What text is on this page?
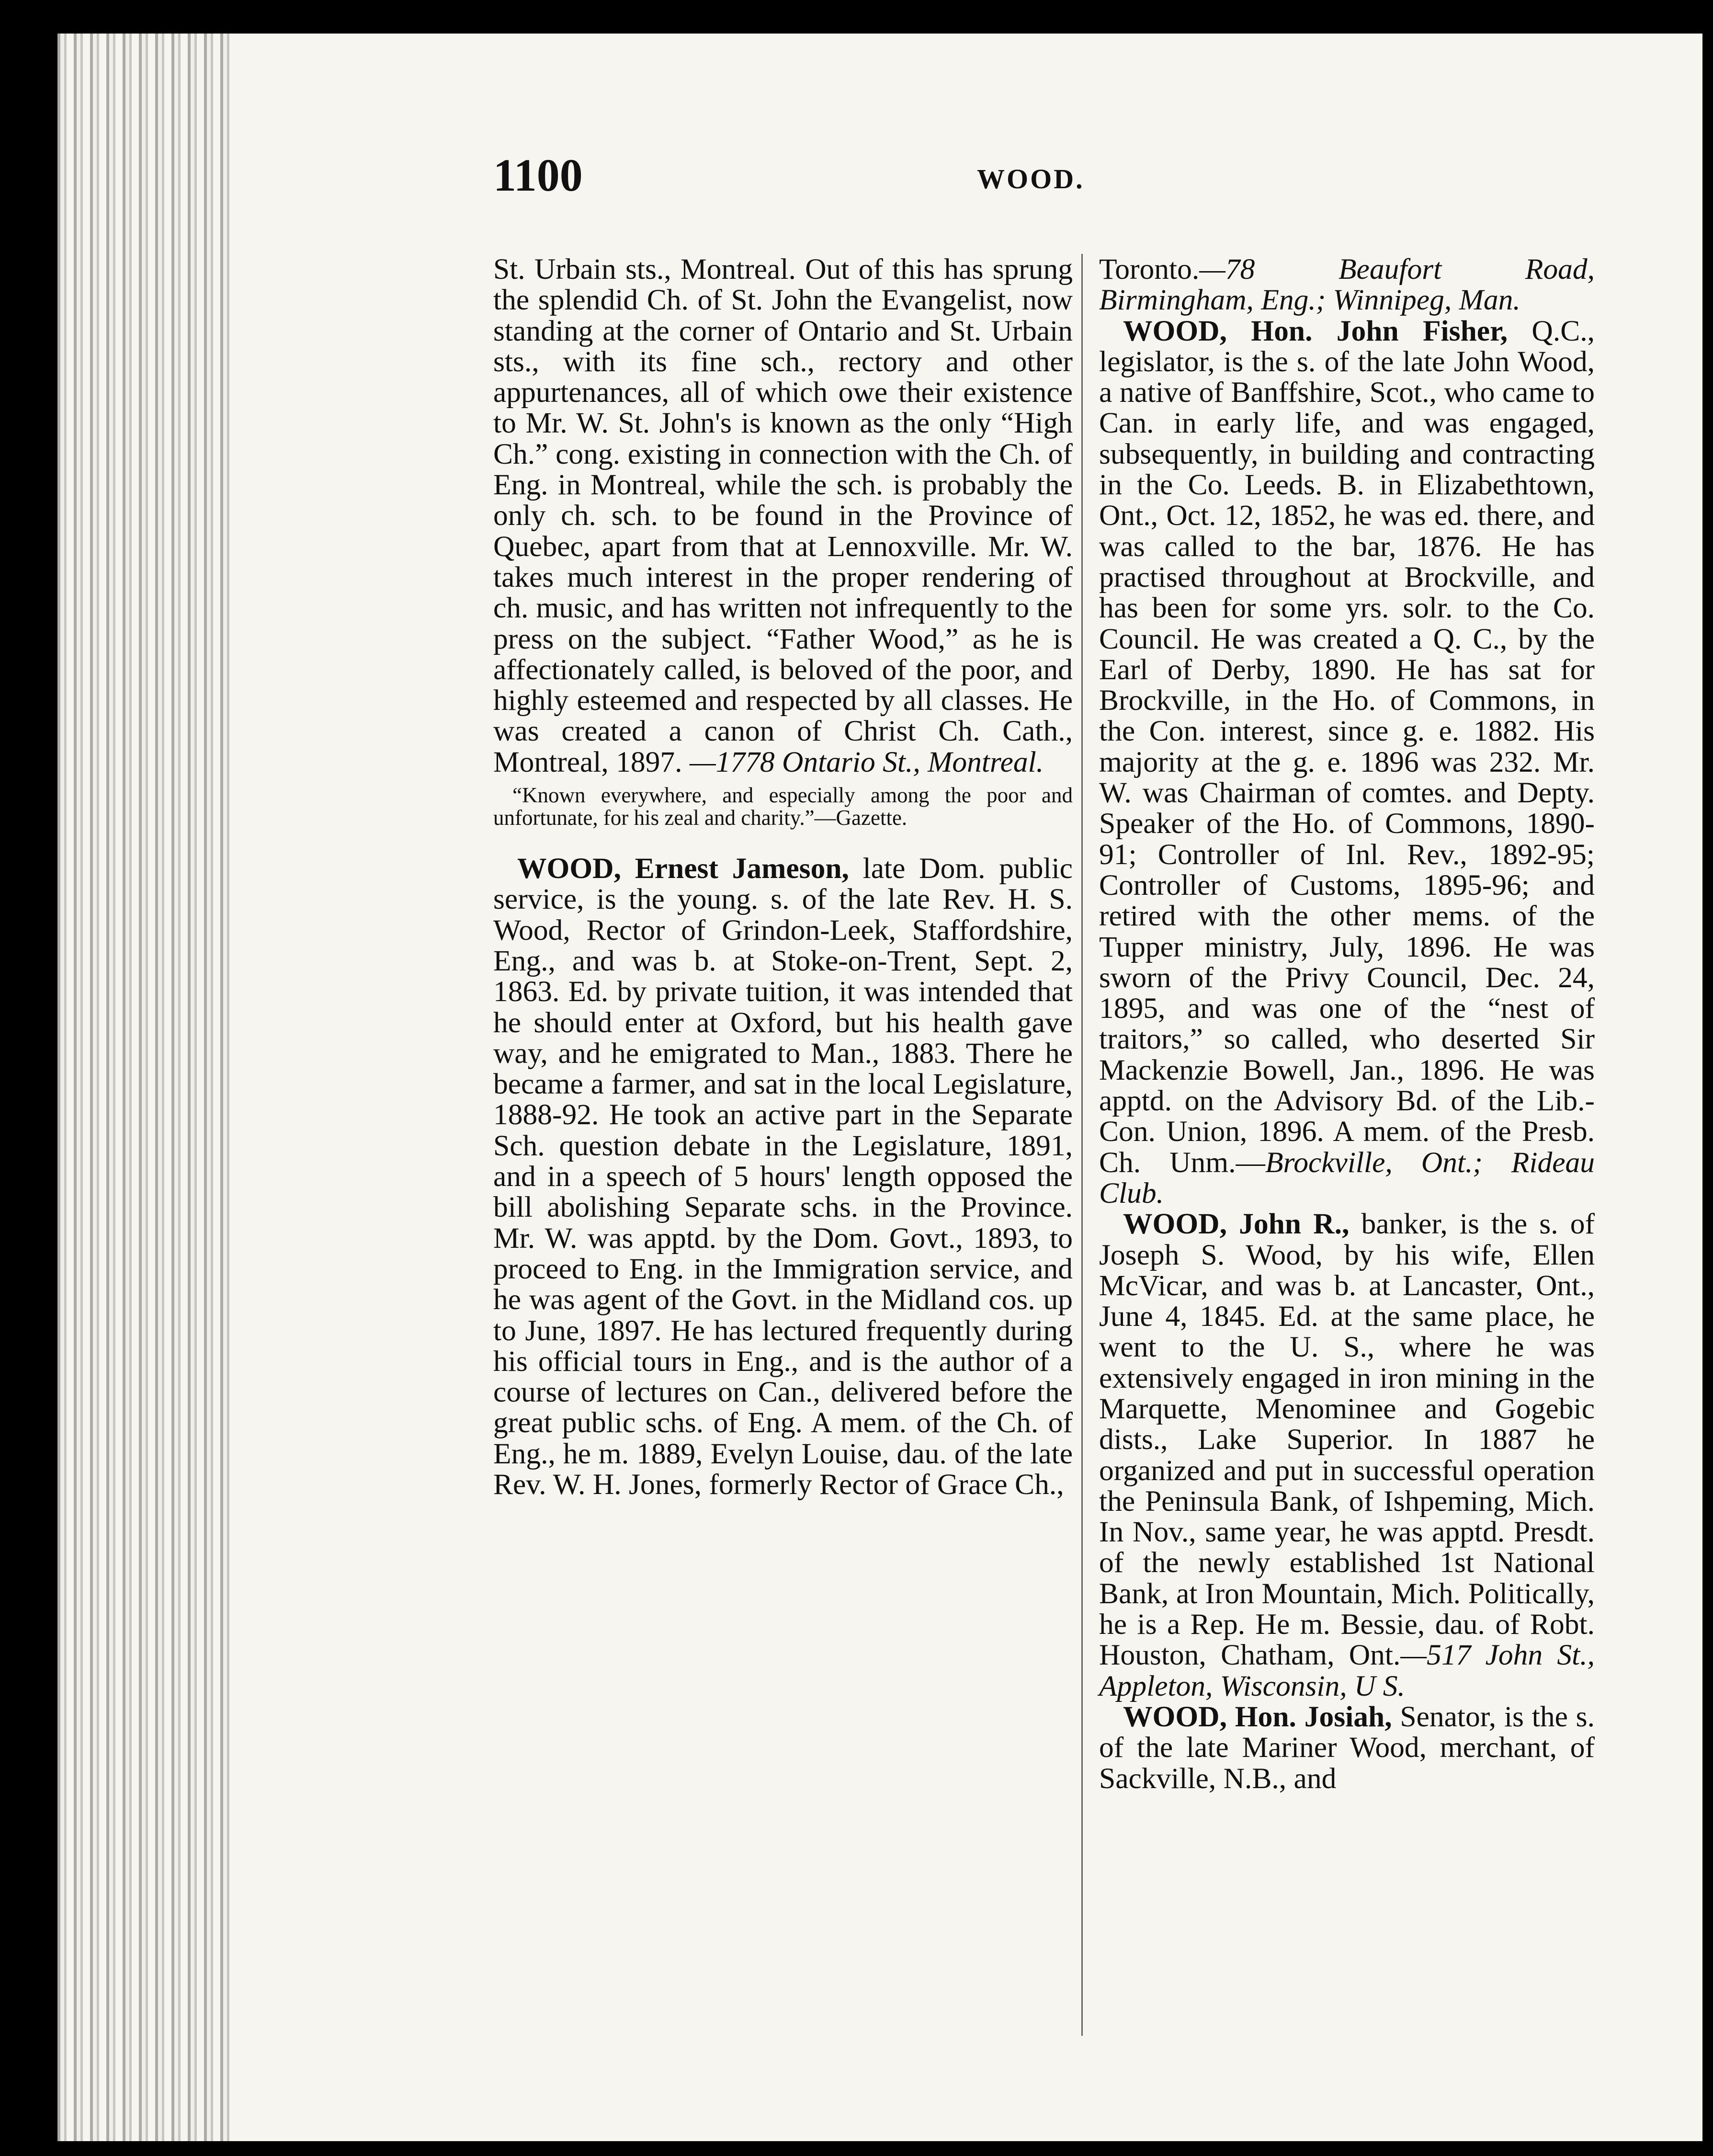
1100	WOOD.

St. Urbain sts., Montreal. Out of this has sprung the splendid Ch. of St. John the Evangelist, now standing at the corner of Ontario and St. Urbain sts., with its fine sch., rectory and other appurtenances, all of which owe their existence to Mr. W. St. John's is known as the only “High Ch.” cong. existing in connection with the Ch. of Eng. in Montreal, while the sch. is probably the only ch. sch. to be found in the Province of Quebec, apart from that at Lennoxville. Mr. W. takes much interest in the proper rendering of ch. music, and has written not infrequently to the press on the subject. “Father Wood,” as he is affectionately called, is beloved of the poor, and highly esteemed and respected by all classes. He was created a canon of Christ Ch. Cath., Montreal, 1897. —1778 Ontario St., Montreal.

“Known everywhere, and especially among the poor and unfortunate, for his zeal and charity.”—Gazette.

WOOD, Ernest Jameson, late Dom. public service, is the young. s. of the late Rev. H. S. Wood, Rector of Grindon-Leek, Staffordshire, Eng., and was b. at Stoke-on-Trent, Sept. 2, 1863. Ed. by private tuition, it was intended that he should enter at Oxford, but his health gave way, and he emigrated to Man., 1883. There he became a farmer, and sat in the local Legislature, 1888-92. He took an active part in the Separate Sch. question debate in the Legislature, 1891, and in a speech of 5 hours' length opposed the bill abolishing Separate schs. in the Province. Mr. W. was apptd. by the Dom. Govt., 1893, to proceed to Eng. in the Immigration service, and he was agent of the Govt. in the Midland cos. up to June, 1897. He has lectured frequently during his official tours in Eng., and is the author of a course of lectures on Can., delivered before the great public schs. of Eng. A mem. of the Ch. of Eng., he m. 1889, Evelyn Louise, dau. of the late Rev. W. H. Jones, formerly Rector of Grace Ch.,

Toronto.—78 Beaufort Road, Birmingham, Eng.; Winnipeg, Man.

WOOD, Hon. John Fisher, Q.C., legislator, is the s. of the late John Wood, a native of Banffshire, Scot., who came to Can. in early life, and was engaged, subsequently, in building and contracting in the Co. Leeds. B. in Elizabethtown, Ont., Oct. 12, 1852, he was ed. there, and was called to the bar, 1876. He has practised throughout at Brockville, and has been for some yrs. solr. to the Co. Council. He was created a Q. C., by the Earl of Derby, 1890. He has sat for Brockville, in the Ho. of Commons, in the Con. interest, since g. e. 1882. His majority at the g. e. 1896 was 232. Mr. W. was Chairman of comtes. and Depty. Speaker of the Ho. of Commons, 1890-91; Controller of Inl. Rev., 1892-95; Controller of Customs, 1895-96; and retired with the other mems. of the Tupper ministry, July, 1896. He was sworn of the Privy Council, Dec. 24, 1895, and was one of the “nest of traitors,” so called, who deserted Sir Mackenzie Bowell, Jan., 1896. He was apptd. on the Advisory Bd. of the Lib.-Con. Union, 1896. A mem. of the Presb. Ch. Unm.—Brockville, Ont.; Rideau Club.

WOOD, John R., banker, is the s. of Joseph S. Wood, by his wife, Ellen McVicar, and was b. at Lancaster, Ont., June 4, 1845. Ed. at the same place, he went to the U. S., where he was extensively engaged in iron mining in the Marquette, Menominee and Gogebic dists., Lake Superior. In 1887 he organized and put in successful operation the Peninsula Bank, of Ishpeming, Mich. In Nov., same year, he was apptd. Presdt. of the newly established 1st National Bank, at Iron Mountain, Mich. Politically, he is a Rep. He m. Bessie, dau. of Robt. Houston, Chatham, Ont.—517 John St., Appleton, Wisconsin, U S.

WOOD, Hon. Josiah, Senator, is the s. of the late Mariner Wood, merchant, of Sackville, N.B., and
